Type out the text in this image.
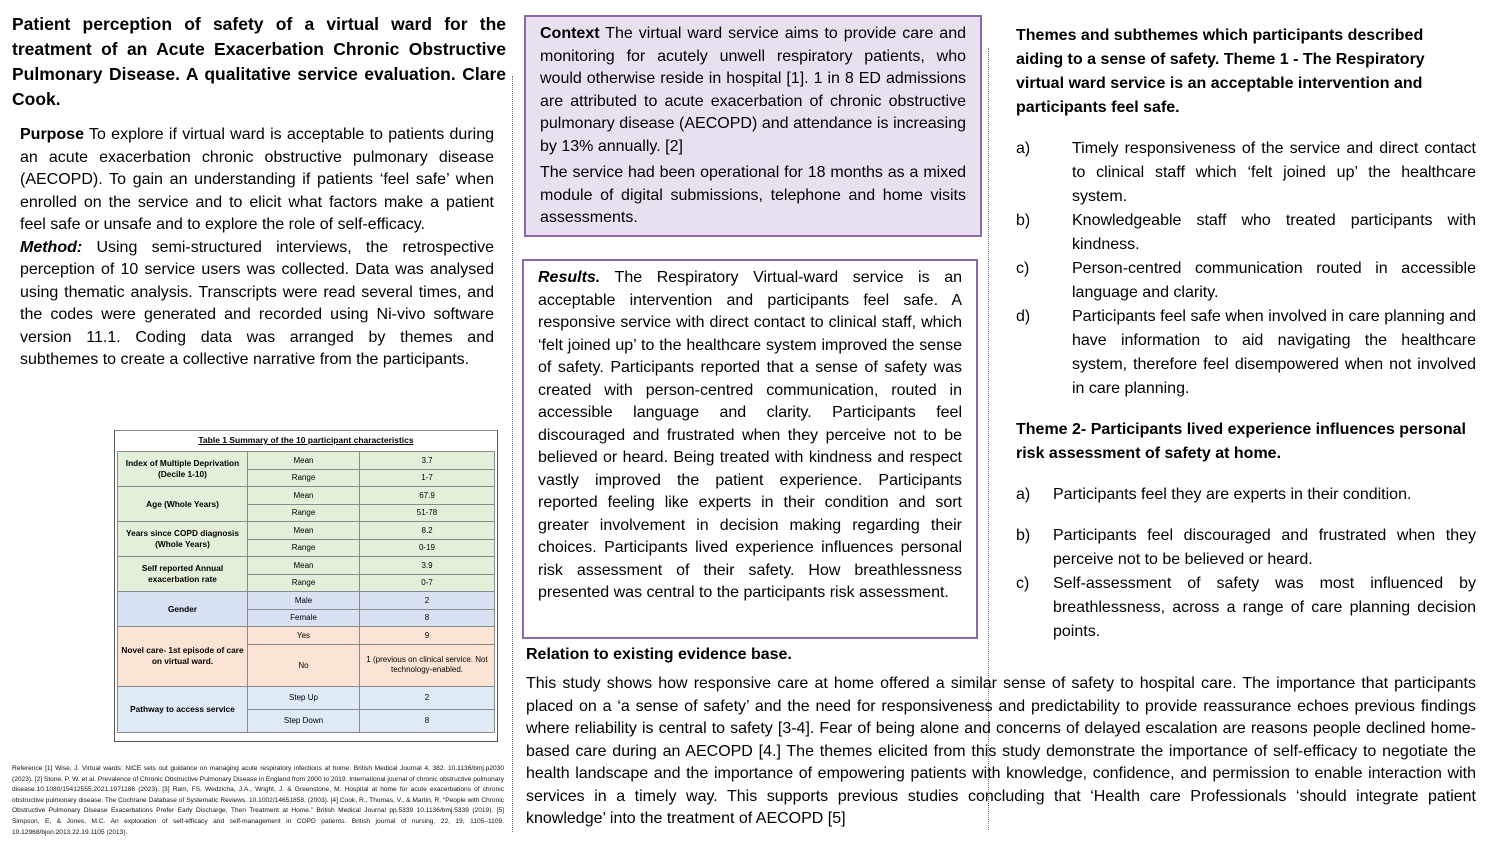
Patient perception of safety of a virtual ward for the treatment of an Acute Exacerbation Chronic Obstructive Pulmonary Disease. A qualitative service evaluation. Clare Cook.
Purpose To explore if virtual ward is acceptable to patients during an acute exacerbation chronic obstructive pulmonary disease (AECOPD). To gain an understanding if patients ‘feel safe’ when enrolled on the service and to elicit what factors make a patient feel safe or unsafe and to explore the role of self-efficacy.
Method: Using semi-structured interviews, the retrospective perception of 10 service users was collected. Data was analysed using thematic analysis. Transcripts were read several times, and the codes were generated and recorded using Ni-vivo software version 11.1. Coding data was arranged by themes and subthemes to create a collective narrative from the participants.
Table 1 Summary of the 10 participant characteristics
Index of Multiple Deprivation (Decile 1-10)	Mean	3.7
	Range	1-7
Age (Whole Years)	Mean	67.9
	Range	51-78
Years since COPD diagnosis (Whole Years)	Mean	8.2
	Range	0-19
Self reported Annual exacerbation rate	Mean	3.9
	Range	0-7
Gender	Male	2
	Female	8
Novel care- 1st episode of care on virtual ward.	Yes	9
	No	1 (previous on clinical service. Not technology-enabled.
Pathway to access service	Step Up	2
	Step Down	8
Reference [1] Wise, J. Virtual wards: NICE sets out guidance on managing acute respiratory infections at home. British Medical Journal 4, 382. 10.1136/bmj.p2030 (2023). [2] Stone, P. W. et al. Prevalence of Chronic Obstructive Pulmonary Disease in England from 2000 to 2019. International journal of chronic obstructive pulmonary disease.10.1080/15412555.2021.1971186 (2023). [3] Ram, FS, Wedzicha, J.A., Wright, J. & Greenstone, M. Hospital at home for acute exacerbations of chronic obstructive pulmonary disease. The Cochrane Database of Systematic Reviews. 10.1002/14651858, (2003). [4] Cook, R., Thomas, V., & Martin, R. “People with Chronic Obstructive Pulmonary Disease Exacerbations Prefer Early Discharge, Then Treatment at Home.” British Medical Journal pp.5339 10.1136/bmj.5339 (2019). [5] Simpson, E, & Jones, M.C. An exploration of self-efficacy and self-management in COPD patients. British journal of nursing. 22, 19, 1105–1109. 10.12968/bjon.2013.22.19.1105 (2013).

Context The virtual ward service aims to provide care and monitoring for acutely unwell respiratory patients, who would otherwise reside in hospital [1]. 1 in 8 ED admissions are attributed to acute exacerbation of chronic obstructive pulmonary disease (AECOPD) and attendance is increasing by 13% annually. [2]

The service had been operational for 18 months as a mixed module of digital submissions, telephone and home visits assessments.

Results. The Respiratory Virtual-ward service is an acceptable intervention and participants feel safe. A responsive service with direct contact to clinical staff, which ‘felt joined up’ to the healthcare system improved the sense of safety. Participants reported that a sense of safety was created with person-centred communication, routed in accessible language and clarity. Participants feel discouraged and frustrated when they perceive not to be believed or heard. Being treated with kindness and respect vastly improved the patient experience. Participants reported feeling like experts in their condition and sort greater involvement in decision making regarding their choices. Participants lived experience influences personal risk assessment of their safety. How breathlessness presented was central to the participants risk assessment.
Relation to existing evidence base.
This study shows how responsive care at home offered a similar sense of safety to hospital care. The importance that participants placed on a ‘a sense of safety’ and the need for responsiveness and predictability to provide reassurance echoes previous findings where reliability is central to safety [3-4]. Fear of being alone and concerns of delayed escalation are reasons people declined home-based care during an AECOPD [4.] The themes elicited from this study demonstrate the importance of self-efficacy to negotiate the health landscape and the importance of empowering patients with knowledge, confidence, and permission to enable interaction with services in a timely way. This supports previous studies concluding that ‘Health care Professionals ‘should integrate patient knowledge’ into the treatment of AECOPD [5]
Themes and subthemes which participants described aiding to a sense of safety. Theme 1 - The Respiratory virtual ward service is an acceptable intervention and participants feel safe.
a)	Timely responsiveness of the service and direct contact to clinical staff which ‘felt joined up’ the healthcare system.
b)	Knowledgeable staff who treated participants with kindness.
c)	Person-centred communication routed in accessible language and clarity.
d)	Participants feel safe when involved in care planning and have information to aid navigating the healthcare system, therefore feel disempowered when not involved in care planning.
Theme 2- Participants lived experience influences personal risk assessment of safety at home.
a)	Participants feel they are experts in their condition.
b)	Participants feel discouraged and frustrated when they perceive not to be believed or heard.
c)	Self-assessment of safety was most influenced by breathlessness, across a range of care planning decision points.
